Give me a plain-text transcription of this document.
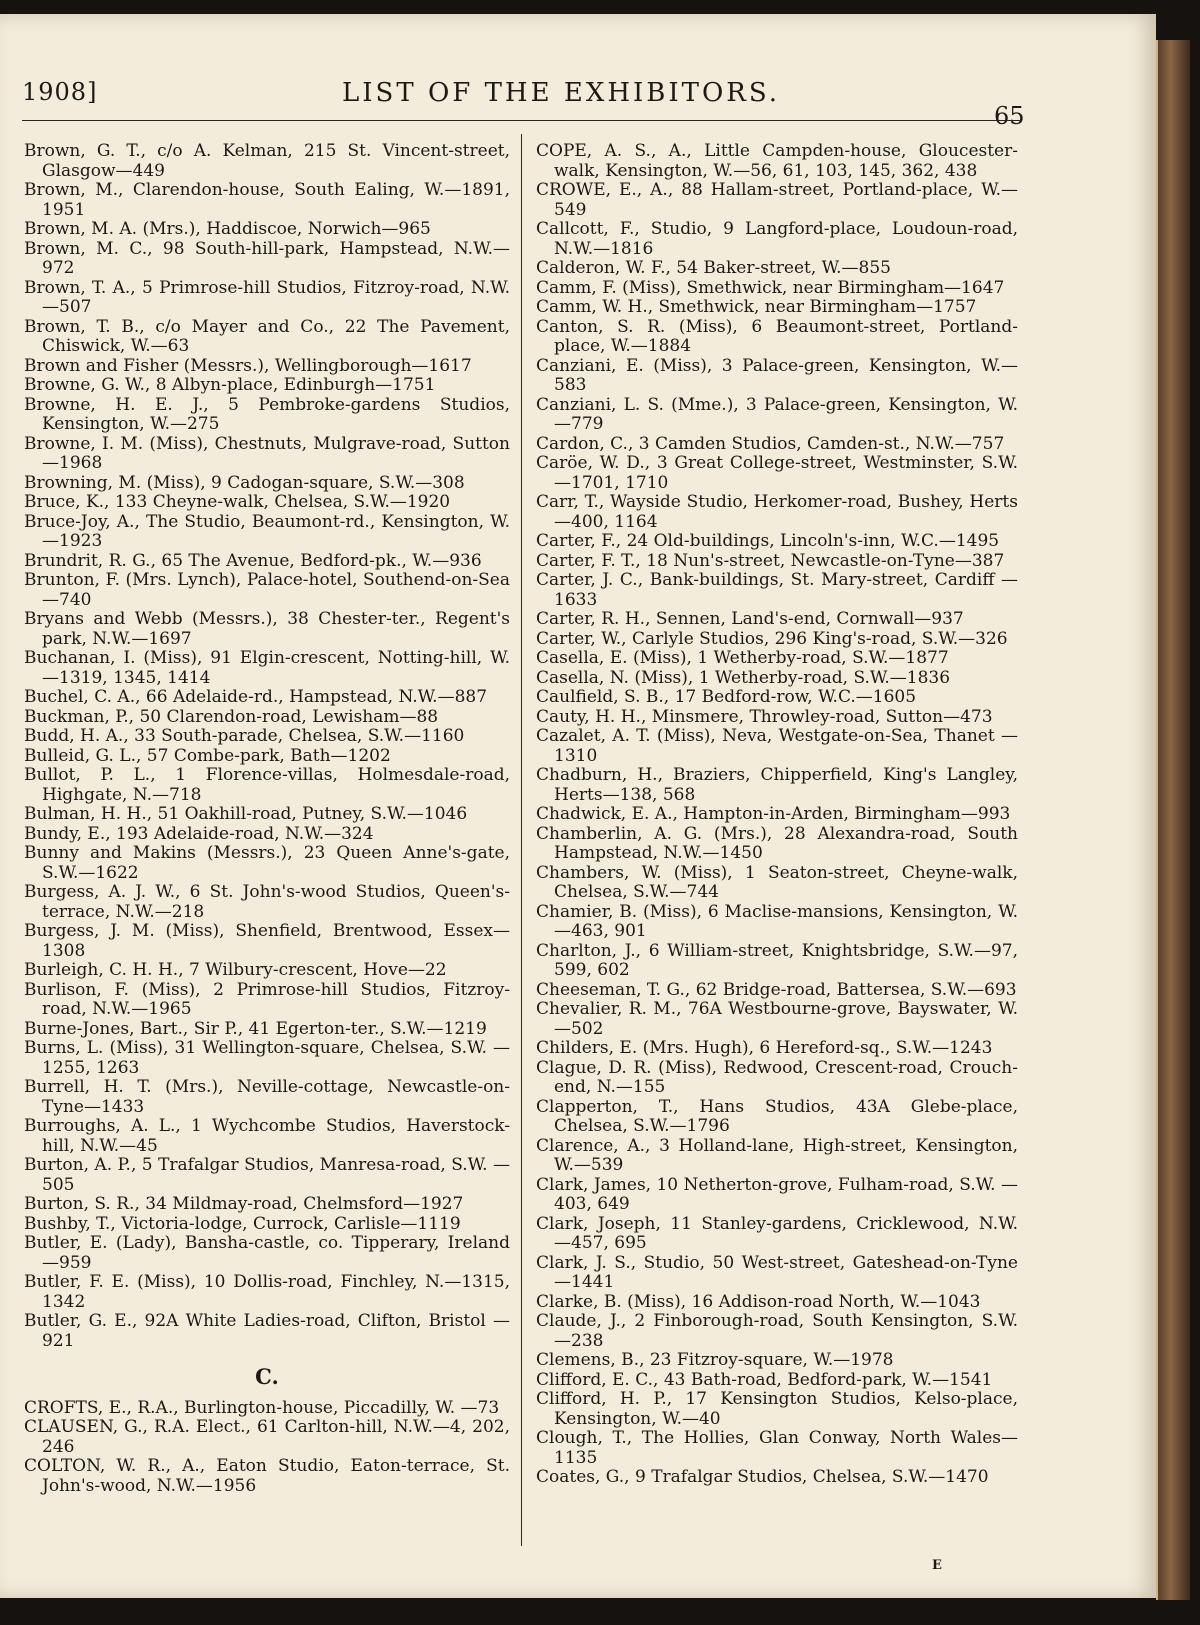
1908]	LIST OF THE EXHIBITORS.
65

Brown, G. T., c/o A. Kelman, 215 St. Vincent-street, Glasgow—449

Brown, M., Clarendon-house, South Ealing, W.—1891, 1951

Brown, M. A. (Mrs.), Haddiscoe, Norwich—965

Brown, M. C., 98 South-hill-park, Hampstead, N.W.—972

Brown, T. A., 5 Primrose-hill Studios, Fitzroy-road, N.W.—507

Brown, T. B., c/o Mayer and Co., 22 The Pavement, Chiswick, W.—63

Brown and Fisher (Messrs.), Wellingborough—1617

Browne, G. W., 8 Albyn-place, Edinburgh—1751

Browne, H. E. J., 5 Pembroke-gardens Studios, Kensington, W.—275

Browne, I. M. (Miss), Chestnuts, Mulgrave-road, Sutton —1968

Browning, M. (Miss), 9 Cadogan-square, S.W.—308

Bruce, K., 133 Cheyne-walk, Chelsea, S.W.—1920

Bruce-Joy, A., The Studio, Beaumont-rd., Kensington, W.—1923

Brundrit, R. G., 65 The Avenue, Bedford-pk., W.—936

Brunton, F. (Mrs. Lynch), Palace-hotel, Southend-on-Sea—740

Bryans and Webb (Messrs.), 38 Chester-ter., Regent's park, N.W.—1697

Buchanan, I. (Miss), 91 Elgin-crescent, Notting-hill, W. —1319, 1345, 1414

Buchel, C. A., 66 Adelaide-rd., Hampstead, N.W.—887

Buckman, P., 50 Clarendon-road, Lewisham—88

Budd, H. A., 33 South-parade, Chelsea, S.W.—1160

Bulleid, G. L., 57 Combe-park, Bath—1202

Bullot, P. L., 1 Florence-villas, Holmesdale-road, Highgate, N.—718

Bulman, H. H., 51 Oakhill-road, Putney, S.W.—1046

Bundy, E., 193 Adelaide-road, N.W.—324

Bunny and Makins (Messrs.), 23 Queen Anne's-gate, S.W.—1622

Burgess, A. J. W., 6 St. John's-wood Studios, Queen's-terrace, N.W.—218

Burgess, J. M. (Miss), Shenfield, Brentwood, Essex—1308

Burleigh, C. H. H., 7 Wilbury-crescent, Hove—22

Burlison, F. (Miss), 2 Primrose-hill Studios, Fitzroy-road, N.W.—1965

Burne-Jones, Bart., Sir P., 41 Egerton-ter., S.W.—1219

Burns, L. (Miss), 31 Wellington-square, Chelsea, S.W. —1255, 1263

Burrell, H. T. (Mrs.), Neville-cottage, Newcastle-on-Tyne—1433

Burroughs, A. L., 1 Wychcombe Studios, Haverstock-hill, N.W.—45

Burton, A. P., 5 Trafalgar Studios, Manresa-road, S.W. —505

Burton, S. R., 34 Mildmay-road, Chelmsford—1927

Bushby, T., Victoria-lodge, Currock, Carlisle—1119

Butler, E. (Lady), Bansha-castle, co. Tipperary, Ireland —959

Butler, F. E. (Miss), 10 Dollis-road, Finchley, N.—1315, 1342

Butler, G. E., 92A White Ladies-road, Clifton, Bristol —921

C.

CROFTS, E., R.A., Burlington-house, Piccadilly, W. —73

CLAUSEN, G., R.A. Elect., 61 Carlton-hill, N.W.—4, 202, 246

COLTON, W. R., A., Eaton Studio, Eaton-terrace, St. John's-wood, N.W.—1956

COPE, A. S., A., Little Campden-house, Gloucester-walk, Kensington, W.—56, 61, 103, 145, 362, 438

CROWE, E., A., 88 Hallam-street, Portland-place, W.—549

Callcott, F., Studio, 9 Langford-place, Loudoun-road, N.W.—1816

Calderon, W. F., 54 Baker-street, W.—855

Camm, F. (Miss), Smethwick, near Birmingham—1647

Camm, W. H., Smethwick, near Birmingham—1757

Canton, S. R. (Miss), 6 Beaumont-street, Portland-place, W.—1884

Canziani, E. (Miss), 3 Palace-green, Kensington, W.—583

Canziani, L. S. (Mme.), 3 Palace-green, Kensington, W. —779

Cardon, C., 3 Camden Studios, Camden-st., N.W.—757

Caröe, W. D., 3 Great College-street, Westminster, S.W. —1701, 1710

Carr, T., Wayside Studio, Herkomer-road, Bushey, Herts—400, 1164

Carter, F., 24 Old-buildings, Lincoln's-inn, W.C.—1495

Carter, F. T., 18 Nun's-street, Newcastle-on-Tyne—387

Carter, J. C., Bank-buildings, St. Mary-street, Cardiff —1633

Carter, R. H., Sennen, Land's-end, Cornwall—937

Carter, W., Carlyle Studios, 296 King's-road, S.W.—326

Casella, E. (Miss), 1 Wetherby-road, S.W.—1877

Casella, N. (Miss), 1 Wetherby-road, S.W.—1836

Caulfield, S. B., 17 Bedford-row, W.C.—1605

Cauty, H. H., Minsmere, Throwley-road, Sutton—473

Cazalet, A. T. (Miss), Neva, Westgate-on-Sea, Thanet —1310

Chadburn, H., Braziers, Chipperfield, King's Langley, Herts—138, 568

Chadwick, E. A., Hampton-in-Arden, Birmingham—993

Chamberlin, A. G. (Mrs.), 28 Alexandra-road, South Hampstead, N.W.—1450

Chambers, W. (Miss), 1 Seaton-street, Cheyne-walk, Chelsea, S.W.—744

Chamier, B. (Miss), 6 Maclise-mansions, Kensington, W.—463, 901

Charlton, J., 6 William-street, Knightsbridge, S.W.—97, 599, 602

Cheeseman, T. G., 62 Bridge-road, Battersea, S.W.—693

Chevalier, R. M., 76A Westbourne-grove, Bayswater, W.—502

Childers, E. (Mrs. Hugh), 6 Hereford-sq., S.W.—1243

Clague, D. R. (Miss), Redwood, Crescent-road, Crouch-end, N.—155

Clapperton, T., Hans Studios, 43A Glebe-place, Chelsea, S.W.—1796

Clarence, A., 3 Holland-lane, High-street, Kensington, W.—539

Clark, James, 10 Netherton-grove, Fulham-road, S.W. —403, 649

Clark, Joseph, 11 Stanley-gardens, Cricklewood, N.W. —457, 695

Clark, J. S., Studio, 50 West-street, Gateshead-on-Tyne—1441

Clarke, B. (Miss), 16 Addison-road North, W.—1043

Claude, J., 2 Finborough-road, South Kensington, S.W. —238

Clemens, B., 23 Fitzroy-square, W.—1978

Clifford, E. C., 43 Bath-road, Bedford-park, W.—1541

Clifford, H. P., 17 Kensington Studios, Kelso-place, Kensington, W.—40

Clough, T., The Hollies, Glan Conway, North Wales—1135

Coates, G., 9 Trafalgar Studios, Chelsea, S.W.—1470

E
